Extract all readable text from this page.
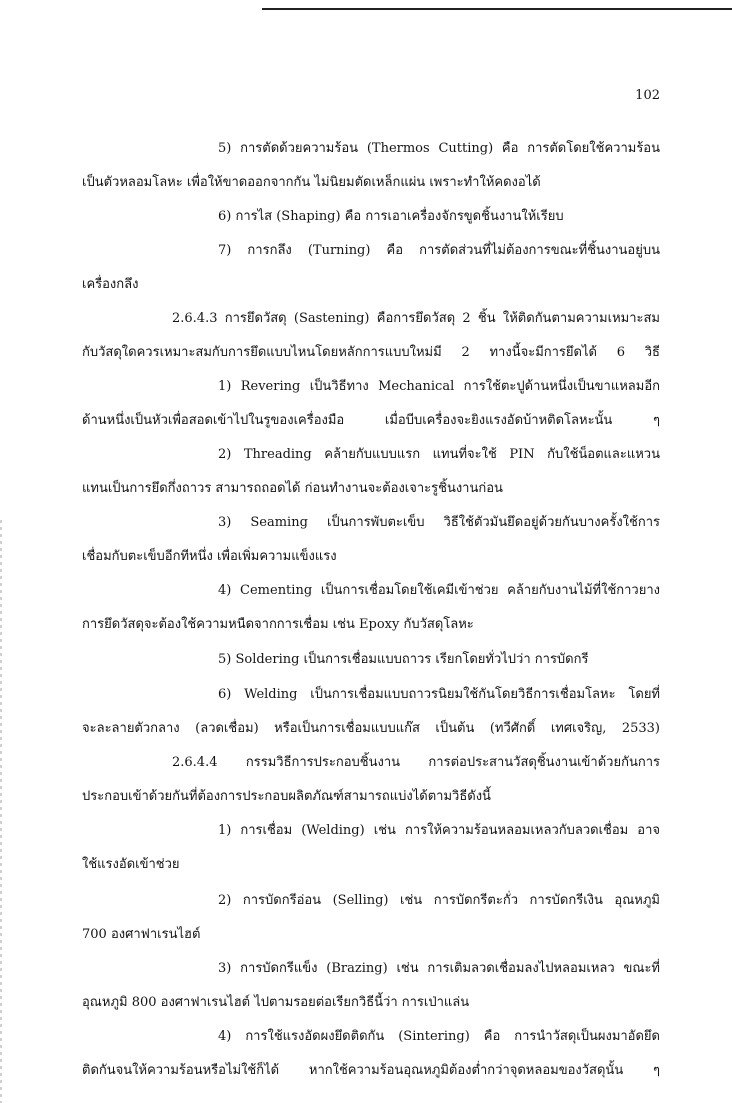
102
5) การตัดด้วยความร้อน (Thermos Cutting) คือ การตัดโดยใช้ความร้อน
เป็นตัวหลอมโลหะ เพื่อให้ขาดออกจากกัน ไม่นิยมตัดเหล็กแผ่น เพราะทำให้คดงอได้
6) การไส (Shaping) คือ การเอาเครื่องจักรขูดชิ้นงานให้เรียบ
7) การกลึง (Turning) คือ การตัดส่วนที่ไม่ต้องการขณะที่ชิ้นงานอยู่บน
เครื่องกลึง
2.6.4.3 การยึดวัสดุ (Sastening) คือการยึดวัสดุ 2 ชิ้น ให้ติดกันตามความเหมาะสม
กับวัสดุใดควรเหมาะสมกับการยึดแบบไหนโดยหลักการแบบใหม่มี 2 ทางนี้จะมีการยึดได้ 6 วิธี
1) Revering เป็นวิธีทาง Mechanical การใช้ตะปูด้านหนึ่งเป็นขาแหลมอีก
ด้านหนึ่งเป็นหัวเพื่อสอดเข้าไปในรูของเครื่องมือ เมื่อบีบเครื่องจะยิงแรงอัดบ้าหติดโลหะนั้น ๆ
2) Threading คล้ายกับแบบแรก แทนที่จะใช้ PIN กับใช้น็อตและแหวน
แทนเป็นการยึดกึ่งถาวร สามารถถอดได้ ก่อนทำงานจะต้องเจาะรูชิ้นงานก่อน
3) Seaming เป็นการพับตะเข็บ วิธีใช้ตัวมันยึดอยู่ด้วยกันบางครั้งใช้การ
เชื่อมกับตะเข็บอีกทีหนึ่ง เพื่อเพิ่มความแข็งแรง
4) Cementing เป็นการเชื่อมโดยใช้เคมีเข้าช่วย คล้ายกับงานไม้ที่ใช้กาวยาง
การยึดวัสดุจะต้องใช้ความหนืดจากการเชื่อม เช่น Epoxy กับวัสดุโลหะ
5) Soldering เป็นการเชื่อมแบบถาวร เรียกโดยทั่วไปว่า การบัดกรี
6) Welding เป็นการเชื่อมแบบถาวรนิยมใช้กันโดยวิธีการเชื่อมโลหะ โดยที่
จะละลายตัวกลาง (ลวดเชื่อม) หรือเป็นการเชื่อมแบบแก๊ส เป็นต้น (ทวีศักดิ์ เทศเจริญ, 2533)
2.6.4.4 กรรมวิธีการประกอบชิ้นงาน การต่อประสานวัสดุชิ้นงานเข้าด้วยกันการ
ประกอบเข้าด้วยกันที่ต้องการประกอบผลิตภัณฑ์สามารถแบ่งได้ตามวิธีดังนี้
1) การเชื่อม (Welding) เช่น การให้ความร้อนหลอมเหลวกับลวดเชื่อม อาจ
ใช้แรงอัดเข้าช่วย
2) การบัดกรีอ่อน (Selling) เช่น การบัดกรีตะกั่ว การบัดกรีเงิน อุณหภูมิ
700 องศาฟาเรนไฮต์
3) การบัดกรีแข็ง (Brazing) เช่น การเติมลวดเชื่อมลงไปหลอมเหลว ขณะที่
อุณหภูมิ 800 องศาฟาเรนไฮต์ ไปตามรอยต่อเรียกวิธีนี้ว่า การเป่าแล่น
4) การใช้แรงอัดผงยึดติดกัน (Sintering) คือ การนำวัสดุเป็นผงมาอัดยึด
ติดกันจนให้ความร้อนหรือไม่ใช้ก็ได้ หากใช้ความร้อนอุณหภูมิต้องต่ำกว่าจุดหลอมของวัสดุนั้น ๆ
